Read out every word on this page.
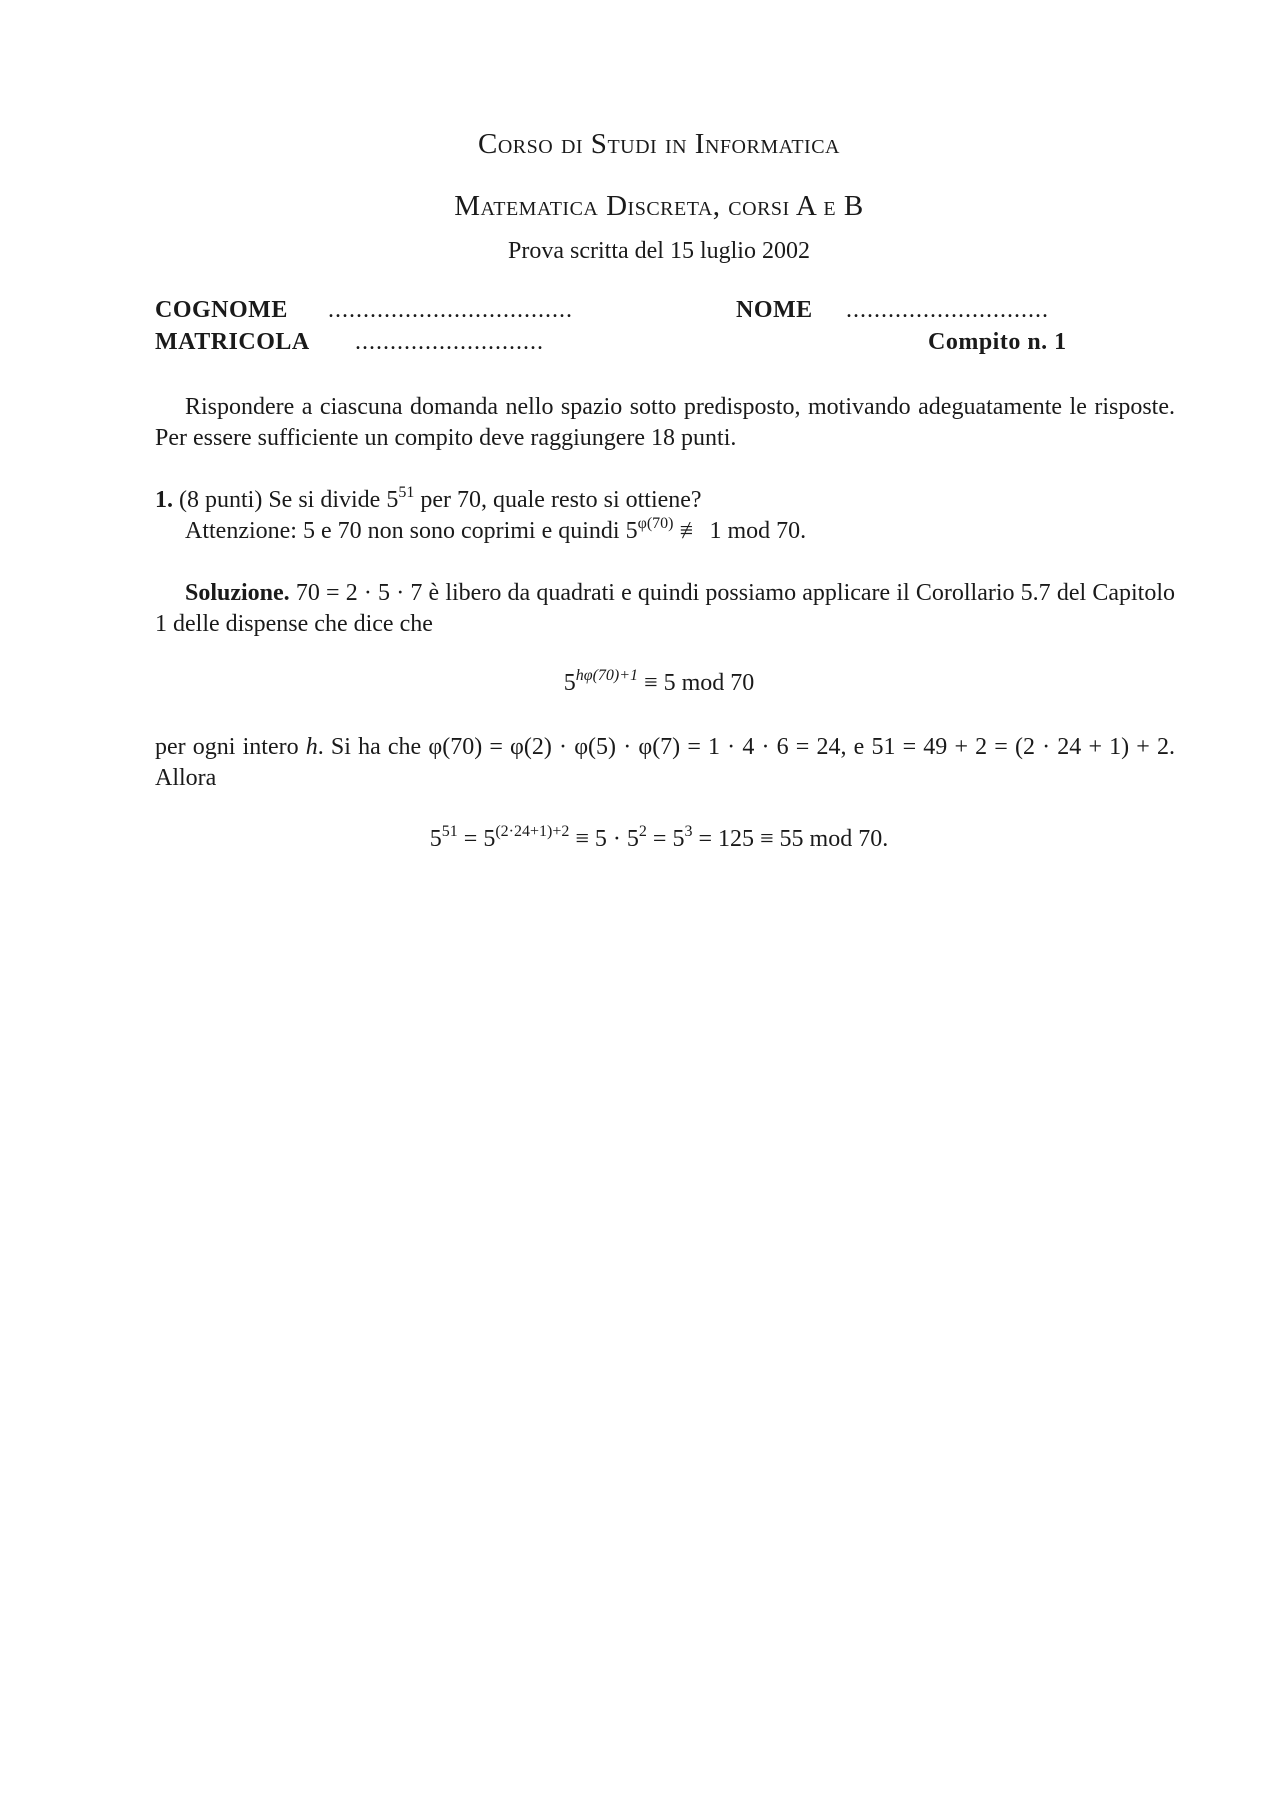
Corso di Studi in Informatica
Matematica Discreta, corsi A e B
Prova scritta del 15 luglio 2002
COGNOME ...................................	NOME .............................
MATRICOLA ...........................	Compito n. 1
Rispondere a ciascuna domanda nello spazio sotto predisposto, motivando adeguatamente le risposte. Per essere sufficiente un compito deve raggiungere 18 punti.
1. (8 punti) Se si divide $5^{51}$ per 70, quale resto si ottiene?
Attenzione: 5 e 70 non sono coprimi e quindi $5^{\varphi(70)}$ ≢ 1 mod 70.
Soluzione. 70 = 2 · 5 · 7 è libero da quadrati e quindi possiamo applicare il Corollario 5.7 del Capitolo 1 delle dispense che dice che
$5^{h\varphi(70)+1} \equiv 5$ mod 70
per ogni intero h. Si ha che φ(70) = φ(2) · φ(5) · φ(7) = 1 · 4 · 6 = 24, e 51 = 49 + 2 = (2 · 24 + 1) + 2. Allora
$5^{51} = 5^{(2\cdot 24+1)+2} \equiv 5 \cdot 5^2 = 5^3 = 125 \equiv 55$ mod 70.
